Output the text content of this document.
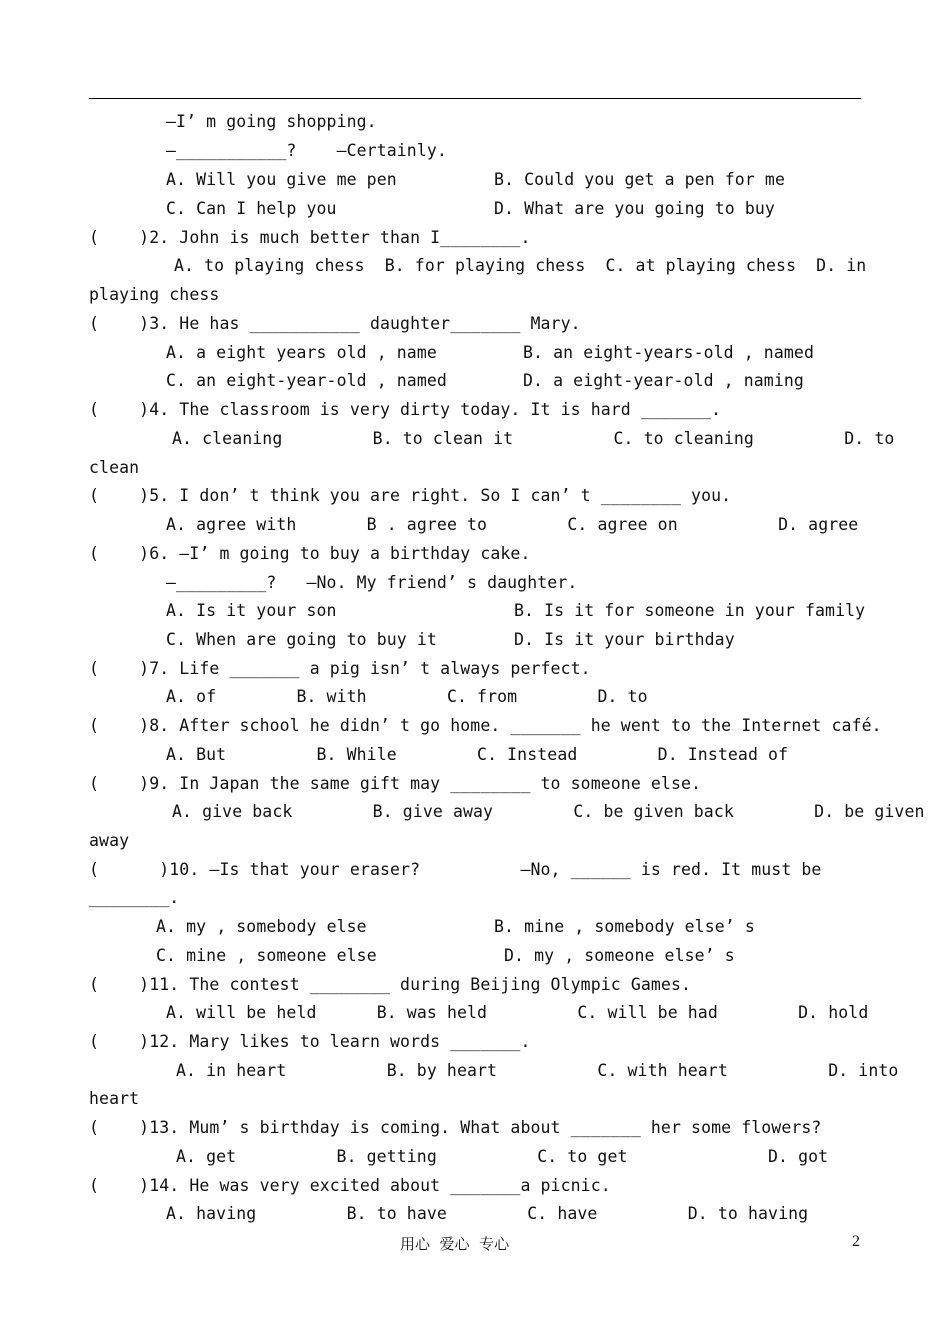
—I’ m going shopping.
—___________?    —Certainly.
A. Will you give me pen	B. Could you get a pen for me
C. Can I help you	D. What are you going to buy
(    )2. John is much better than I________.
A. to playing chess  B. for playing chess  C. at playing chess  D. in
playing chess
(    )3. He has ___________ daughter_______ Mary.
A. a eight years old , name	B. an eight-years-old , named
C. an eight-year-old , named	D. a eight-year-old , naming
(    )4. The classroom is very dirty today. It is hard _______.
A. cleaning         B. to clean it          C. to cleaning         D. to
clean
(    )5. I don’ t think you are right. So I can’ t ________ you.
A. agree with       B . agree to        C. agree on          D. agree
(    )6. —I’ m going to buy a birthday cake.
—_________?   —No. My friend’ s daughter.
A. Is it your son	B. Is it for someone in your family
C. When are going to buy it	D. Is it your birthday
(    )7. Life _______ a pig isn’ t always perfect.
A. of        B. with        C. from        D. to
(    )8. After school he didn’ t go home. _______ he went to the Internet café.
A. But         B. While        C. Instead        D. Instead of
(    )9. In Japan the same gift may ________ to someone else.
A. give back        B. give away        C. be given back        D. be given
away
(      )10. —Is that your eraser?          —No, ______ is red. It must be
________.
A. my , somebody else	B. mine , somebody else’ s
C. mine , someone else	D. my , someone else’ s
(    )11. The contest ________ during Beijing Olympic Games.
A. will be held      B. was held         C. will be had        D. hold
(    )12. Mary likes to learn words _______.
A. in heart          B. by heart          C. with heart          D. into
heart
(    )13. Mum’ s birthday is coming. What about _______ her some flowers?
A. get          B. getting          C. to get              D. got
(    )14. He was very excited about _______a picnic.
A. having         B. to have        C. have         D. to having
用心  爱心  专心	2
